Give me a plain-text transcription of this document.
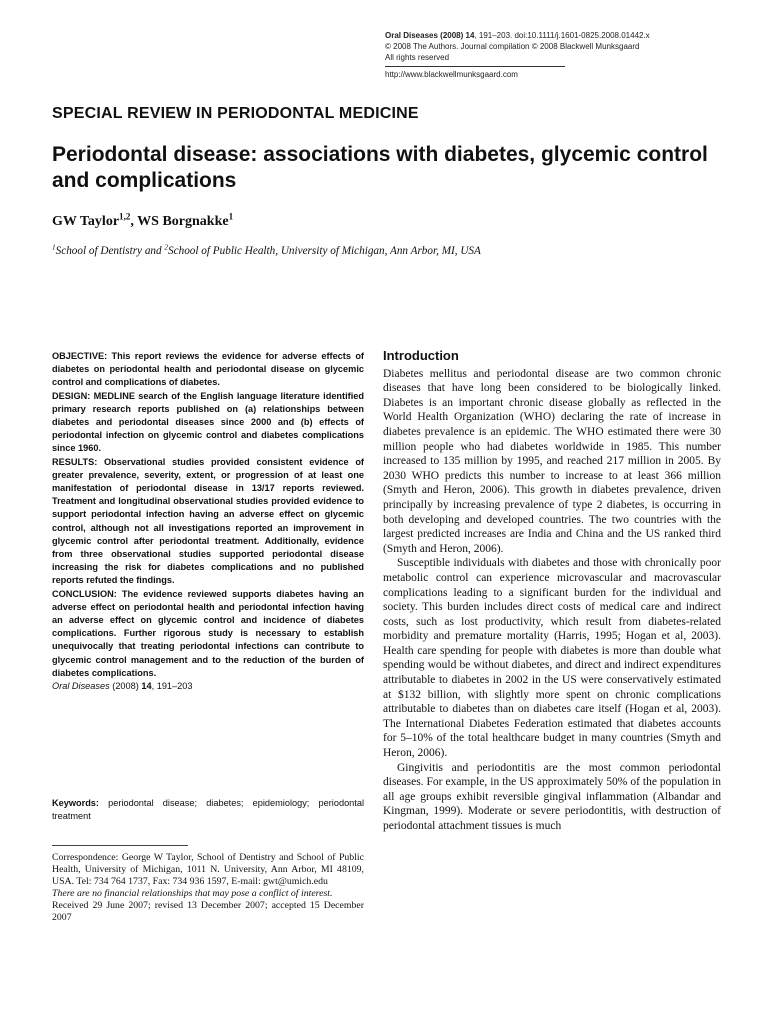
Oral Diseases (2008) 14, 191–203. doi:10.1111/j.1601-0825.2008.01442.x
© 2008 The Authors. Journal compilation © 2008 Blackwell Munksgaard
All rights reserved
http://www.blackwellmunksgaard.com
SPECIAL REVIEW IN PERIODONTAL MEDICINE
Periodontal disease: associations with diabetes, glycemic control and complications
GW Taylor$^{1,2}$, WS Borgnakke$^1$
$^1$School of Dentistry and $^2$School of Public Health, University of Michigan, Ann Arbor, MI, USA

OBJECTIVE: This report reviews the evidence for adverse effects of diabetes on periodontal health and periodontal disease on glycemic control and complications of diabetes.

DESIGN: MEDLINE search of the English language literature identified primary research reports published on (a) relationships between diabetes and periodontal diseases since 2000 and (b) effects of periodontal infection on glycemic control and diabetes complications since 1960.

RESULTS: Observational studies provided consistent evidence of greater prevalence, severity, extent, or progression of at least one manifestation of periodontal disease in 13/17 reports reviewed. Treatment and longitudinal observational studies provided evidence to support periodontal infection having an adverse effect on glycemic control, although not all investigations reported an improvement in glycemic control after periodontal treatment. Additionally, evidence from three observational studies supported periodontal disease increasing the risk for diabetes complications and no published reports refuted the findings.

CONCLUSION: The evidence reviewed supports diabetes having an adverse effect on periodontal health and periodontal infection having an adverse effect on glycemic control and incidence of diabetes complications. Further rigorous study is necessary to establish unequivocally that treating periodontal infections can contribute to glycemic control management and to the reduction of the burden of diabetes complications.

Oral Diseases (2008) 14, 191–203

Keywords: periodontal disease; diabetes; epidemiology; periodontal treatment

Correspondence: George W Taylor, School of Dentistry and School of Public Health, University of Michigan, 1011 N. University, Ann Arbor, MI 48109, USA. Tel: 734 764 1737, Fax: 734 936 1597, E-mail: gwt@umich.edu

There are no financial relationships that may pose a conflict of interest.

Received 29 June 2007; revised 13 December 2007; accepted 15 December 2007

Introduction

Diabetes mellitus and periodontal disease are two common chronic diseases that have long been considered to be biologically linked. Diabetes is an important chronic disease globally as reflected in the World Health Organization (WHO) declaring the rate of increase in diabetes prevalence is an epidemic. The WHO estimated there were 30 million people who had diabetes worldwide in 1985. This number increased to 135 million by 1995, and reached 217 million in 2005. By 2030 WHO predicts this number to increase to at least 366 million (Smyth and Heron, 2006). This growth in diabetes prevalence, driven principally by increasing prevalence of type 2 diabetes, is occurring in both developing and developed countries. The two countries with the largest predicted increases are India and China and the US ranked third (Smyth and Heron, 2006).

Susceptible individuals with diabetes and those with chronically poor metabolic control can experience microvascular and macrovascular complications leading to a significant burden for the individual and society. This burden includes direct costs of medical care and indirect costs, such as lost productivity, which result from diabetes-related morbidity and premature mortality (Harris, 1995; Hogan et al, 2003). Health care spending for people with diabetes is more than double what spending would be without diabetes, and direct and indirect expenditures attributable to diabetes in 2002 in the US were conservatively estimated at $132 billion, with slightly more spent on chronic complications attributable to diabetes than on diabetes care itself (Hogan et al, 2003). The International Diabetes Federation estimated that diabetes accounts for 5–10% of the total healthcare budget in many countries (Smyth and Heron, 2006).

Gingivitis and periodontitis are the most common periodontal diseases. For example, in the US approximately 50% of the population in all age groups exhibit reversible gingival inflammation (Albandar and Kingman, 1999). Moderate or severe periodontitis, with destruction of periodontal attachment tissues is much
